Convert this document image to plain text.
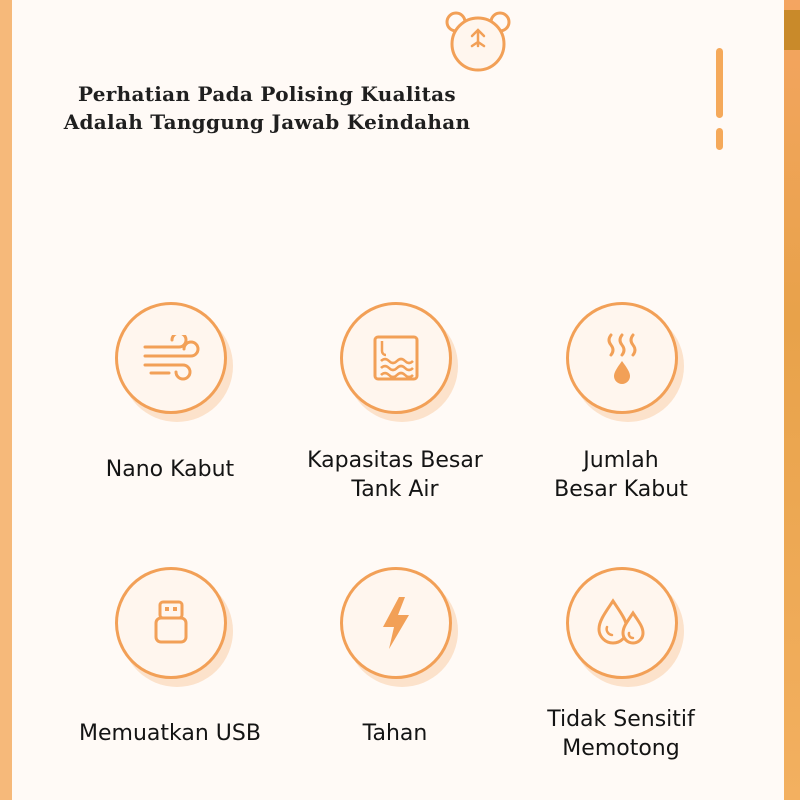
Perhatian Pada Polising Kualitas
Adalah Tanggung Jawab Keindahan
Nano Kabut	Kapasitas Besar
Tank Air
Jumlah
Besar Kabut
Memuatkan USB	Tahan
Tidak Sensitif
Memotong
